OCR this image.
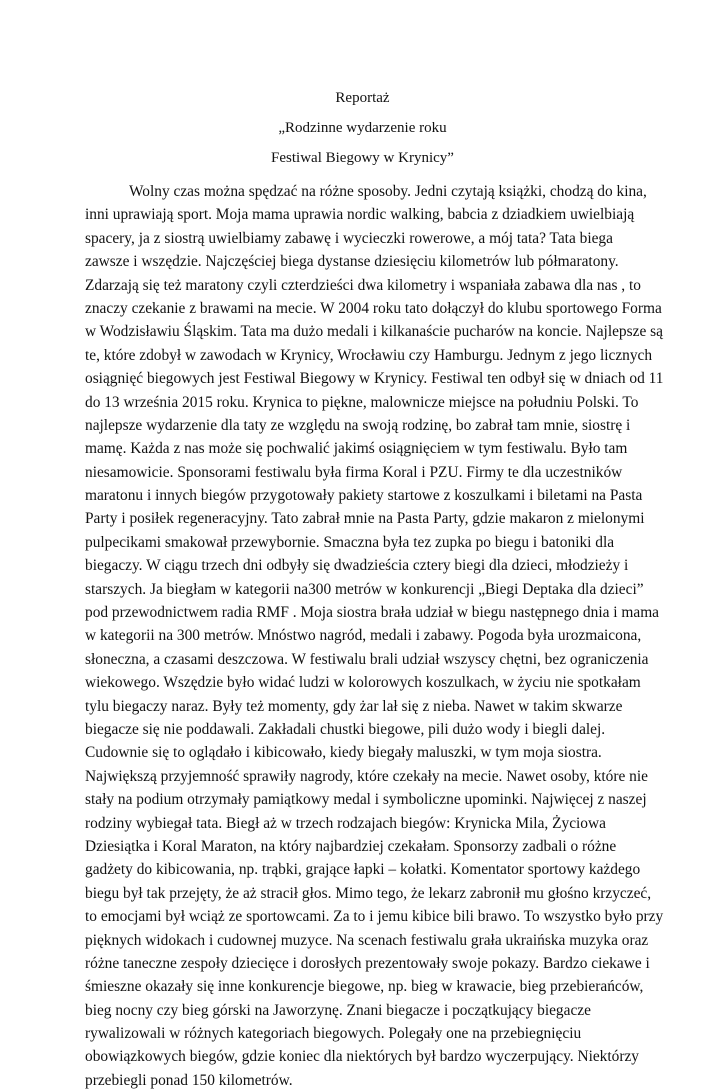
Reportaż
„Rodzinne wydarzenie roku
Festiwal Biegowy w Krynicy”
Wolny czas można spędzać na różne sposoby. Jedni czytają książki, chodzą do kina,
inni uprawiają sport. Moja mama uprawia nordic walking, babcia z dziadkiem uwielbiają
spacery, ja z siostrą uwielbiamy zabawę i wycieczki rowerowe, a mój tata? Tata biega
zawsze i wszędzie. Najczęściej biega dystanse dziesięciu kilometrów lub półmaratony.
Zdarzają się też maratony czyli czterdzieści dwa kilometry i wspaniała zabawa dla nas , to
znaczy czekanie z brawami na mecie. W 2004 roku tato dołączył do klubu sportowego Forma
w Wodzisławiu Śląskim. Tata ma dużo medali i kilkanaście pucharów na koncie. Najlepsze są
te, które zdobył w zawodach w Krynicy, Wrocławiu czy Hamburgu. Jednym z jego licznych
osiągnięć biegowych jest Festiwal Biegowy w Krynicy. Festiwal ten odbył się w dniach od 11
do 13 września 2015 roku. Krynica to piękne, malownicze miejsce na południu Polski. To
najlepsze wydarzenie dla taty ze względu na swoją rodzinę, bo zabrał tam mnie, siostrę i
mamę. Każda z nas może się pochwalić jakimś osiągnięciem w tym festiwalu. Było tam
niesamowicie. Sponsorami festiwalu była firma Koral i PZU. Firmy te dla uczestników
maratonu i innych biegów przygotowały pakiety startowe z koszulkami i biletami na Pasta
Party i posiłek regeneracyjny. Tato zabrał mnie na Pasta Party, gdzie makaron z mielonymi
pulpecikami smakował przewybornie. Smaczna była tez zupka po biegu i batoniki dla
biegaczy. W ciągu trzech dni odbyły się dwadzieścia cztery biegi dla dzieci, młodzieży i
starszych. Ja biegłam w kategorii na300 metrów w konkurencji „Biegi Deptaka dla dzieci”
pod przewodnictwem radia RMF . Moja siostra brała udział w biegu następnego dnia i mama
w kategorii na 300 metrów. Mnóstwo nagród, medali i zabawy. Pogoda była urozmaicona,
słoneczna, a czasami deszczowa. W festiwalu brali udział wszyscy chętni, bez ograniczenia
wiekowego. Wszędzie było widać ludzi w kolorowych koszulkach, w życiu nie spotkałam
tylu biegaczy naraz. Były też momenty, gdy żar lał się z nieba. Nawet w takim skwarze
biegacze się nie poddawali. Zakładali chustki biegowe, pili dużo wody i biegli dalej.
Cudownie się to oglądało i kibicowało, kiedy biegały maluszki, w tym moja siostra.
Największą przyjemność sprawiły nagrody, które czekały na mecie. Nawet osoby, które nie
stały na podium otrzymały pamiątkowy medal i symboliczne upominki. Najwięcej z naszej
rodziny wybiegał tata. Biegł aż w trzech rodzajach biegów: Krynicka Mila, Życiowa
Dziesiątka i Koral Maraton, na który najbardziej czekałam. Sponsorzy zadbali o różne
gadżety do kibicowania, np. trąbki, grające łapki – kołatki. Komentator sportowy każdego
biegu był tak przejęty, że aż stracił głos. Mimo tego, że lekarz zabronił mu głośno krzyczeć,
to emocjami był wciąż ze sportowcami. Za to i jemu kibice bili brawo. To wszystko było przy
pięknych widokach i cudownej muzyce. Na scenach festiwalu grała ukraińska muzyka oraz
różne taneczne zespoły dziecięce i dorosłych prezentowały swoje pokazy. Bardzo ciekawe i
śmieszne okazały się inne konkurencje biegowe, np. bieg w krawacie, bieg przebierańców,
bieg nocny czy bieg górski na Jaworzynę. Znani biegacze i początkujący biegacze
rywalizowali w różnych kategoriach biegowych. Polegały one na przebiegnięciu
obowiązkowych biegów, gdzie koniec dla niektórych był bardzo wyczerpujący. Niektórzy
przebiegli ponad 150 kilometrów.
